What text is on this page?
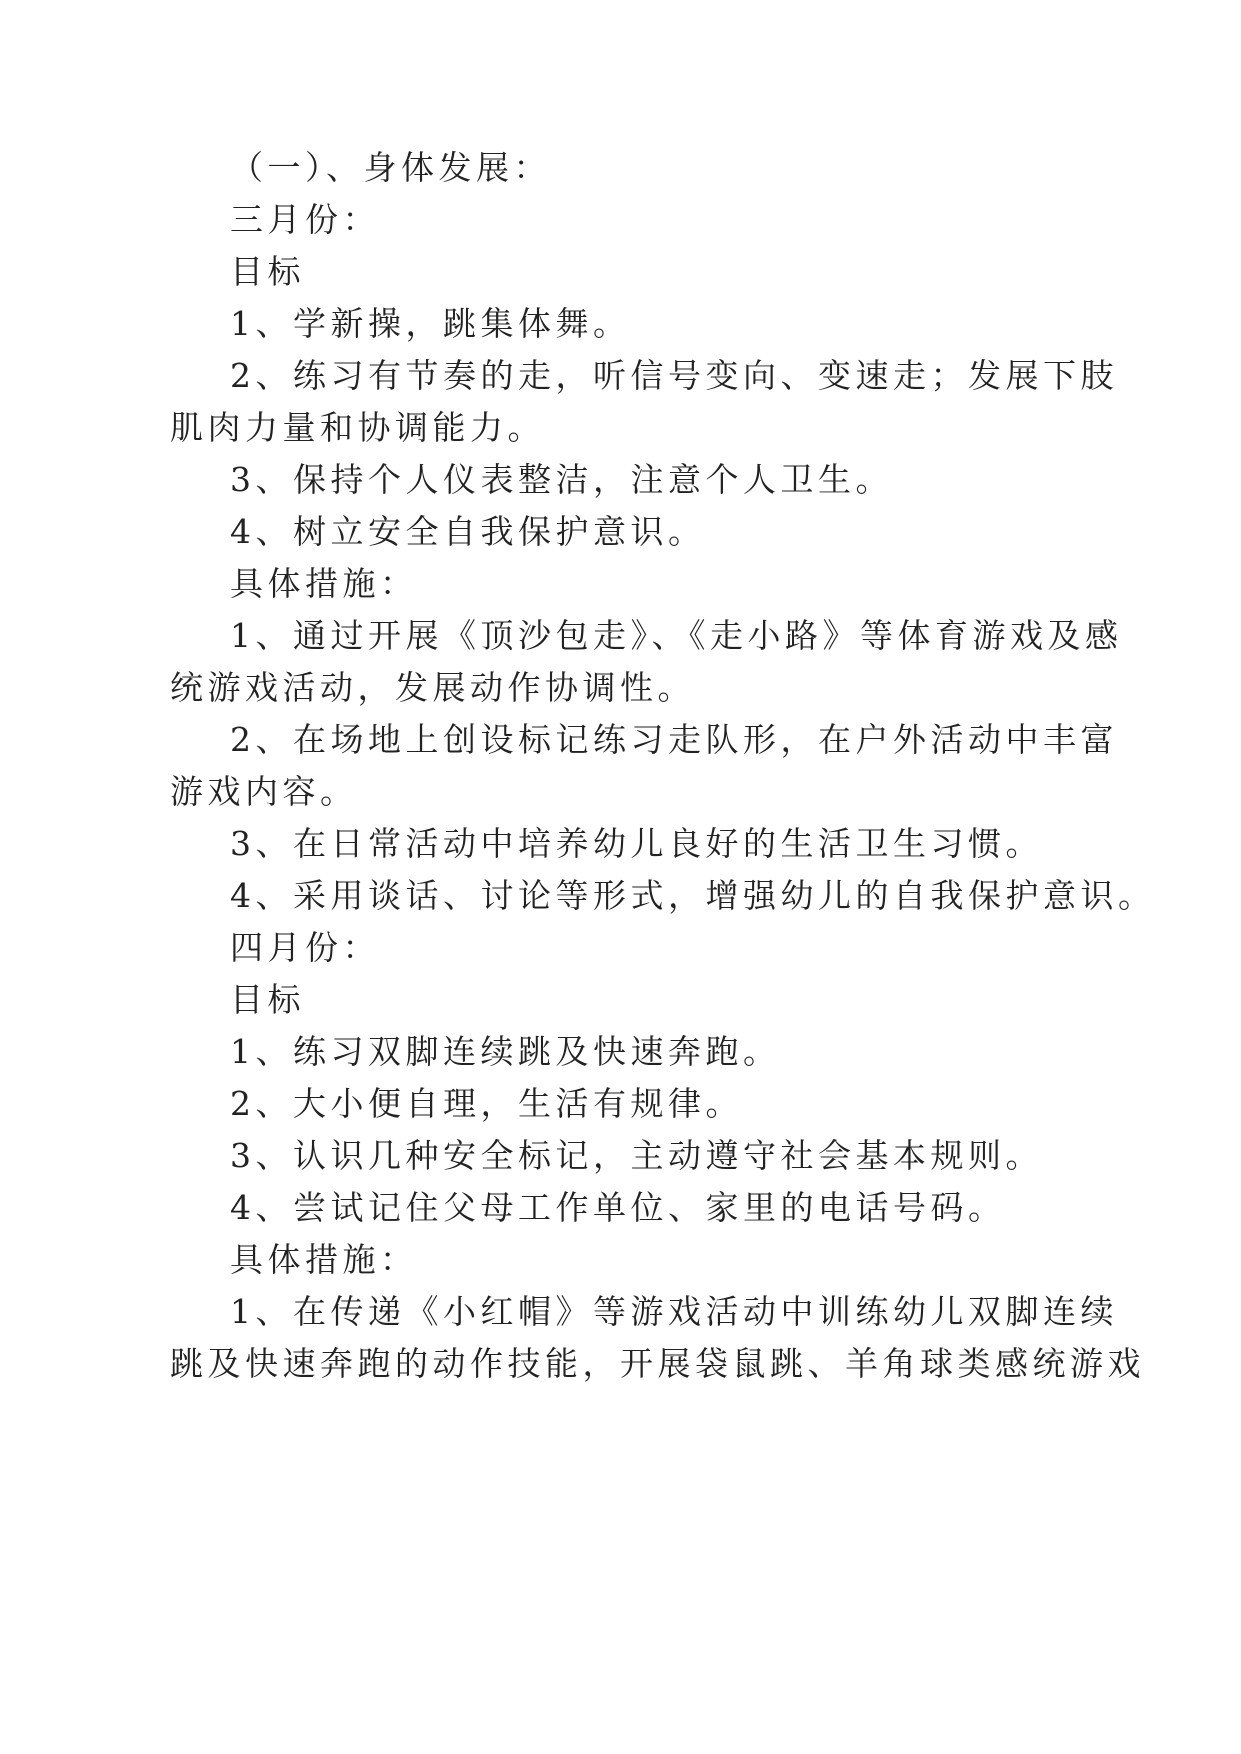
（一）、身体发展：
三月份：
目标
1、学新操，跳集体舞。
2、练习有节奏的走，听信号变向、变速走；发展下肢
肌肉力量和协调能力。
3、保持个人仪表整洁，注意个人卫生。
4、树立安全自我保护意识。
具体措施：
1、通过开展《顶沙包走》、《走小路》等体育游戏及感
统游戏活动，发展动作协调性。
2、在场地上创设标记练习走队形，在户外活动中丰富
游戏内容。
3、在日常活动中培养幼儿良好的生活卫生习惯。
4、采用谈话、讨论等形式，增强幼儿的自我保护意识。
四月份：
目标
1、练习双脚连续跳及快速奔跑。
2、大小便自理，生活有规律。
3、认识几种安全标记，主动遵守社会基本规则。
4、尝试记住父母工作单位、家里的电话号码。
具体措施：
1、在传递《小红帽》等游戏活动中训练幼儿双脚连续
跳及快速奔跑的动作技能，开展袋鼠跳、羊角球类感统游戏
